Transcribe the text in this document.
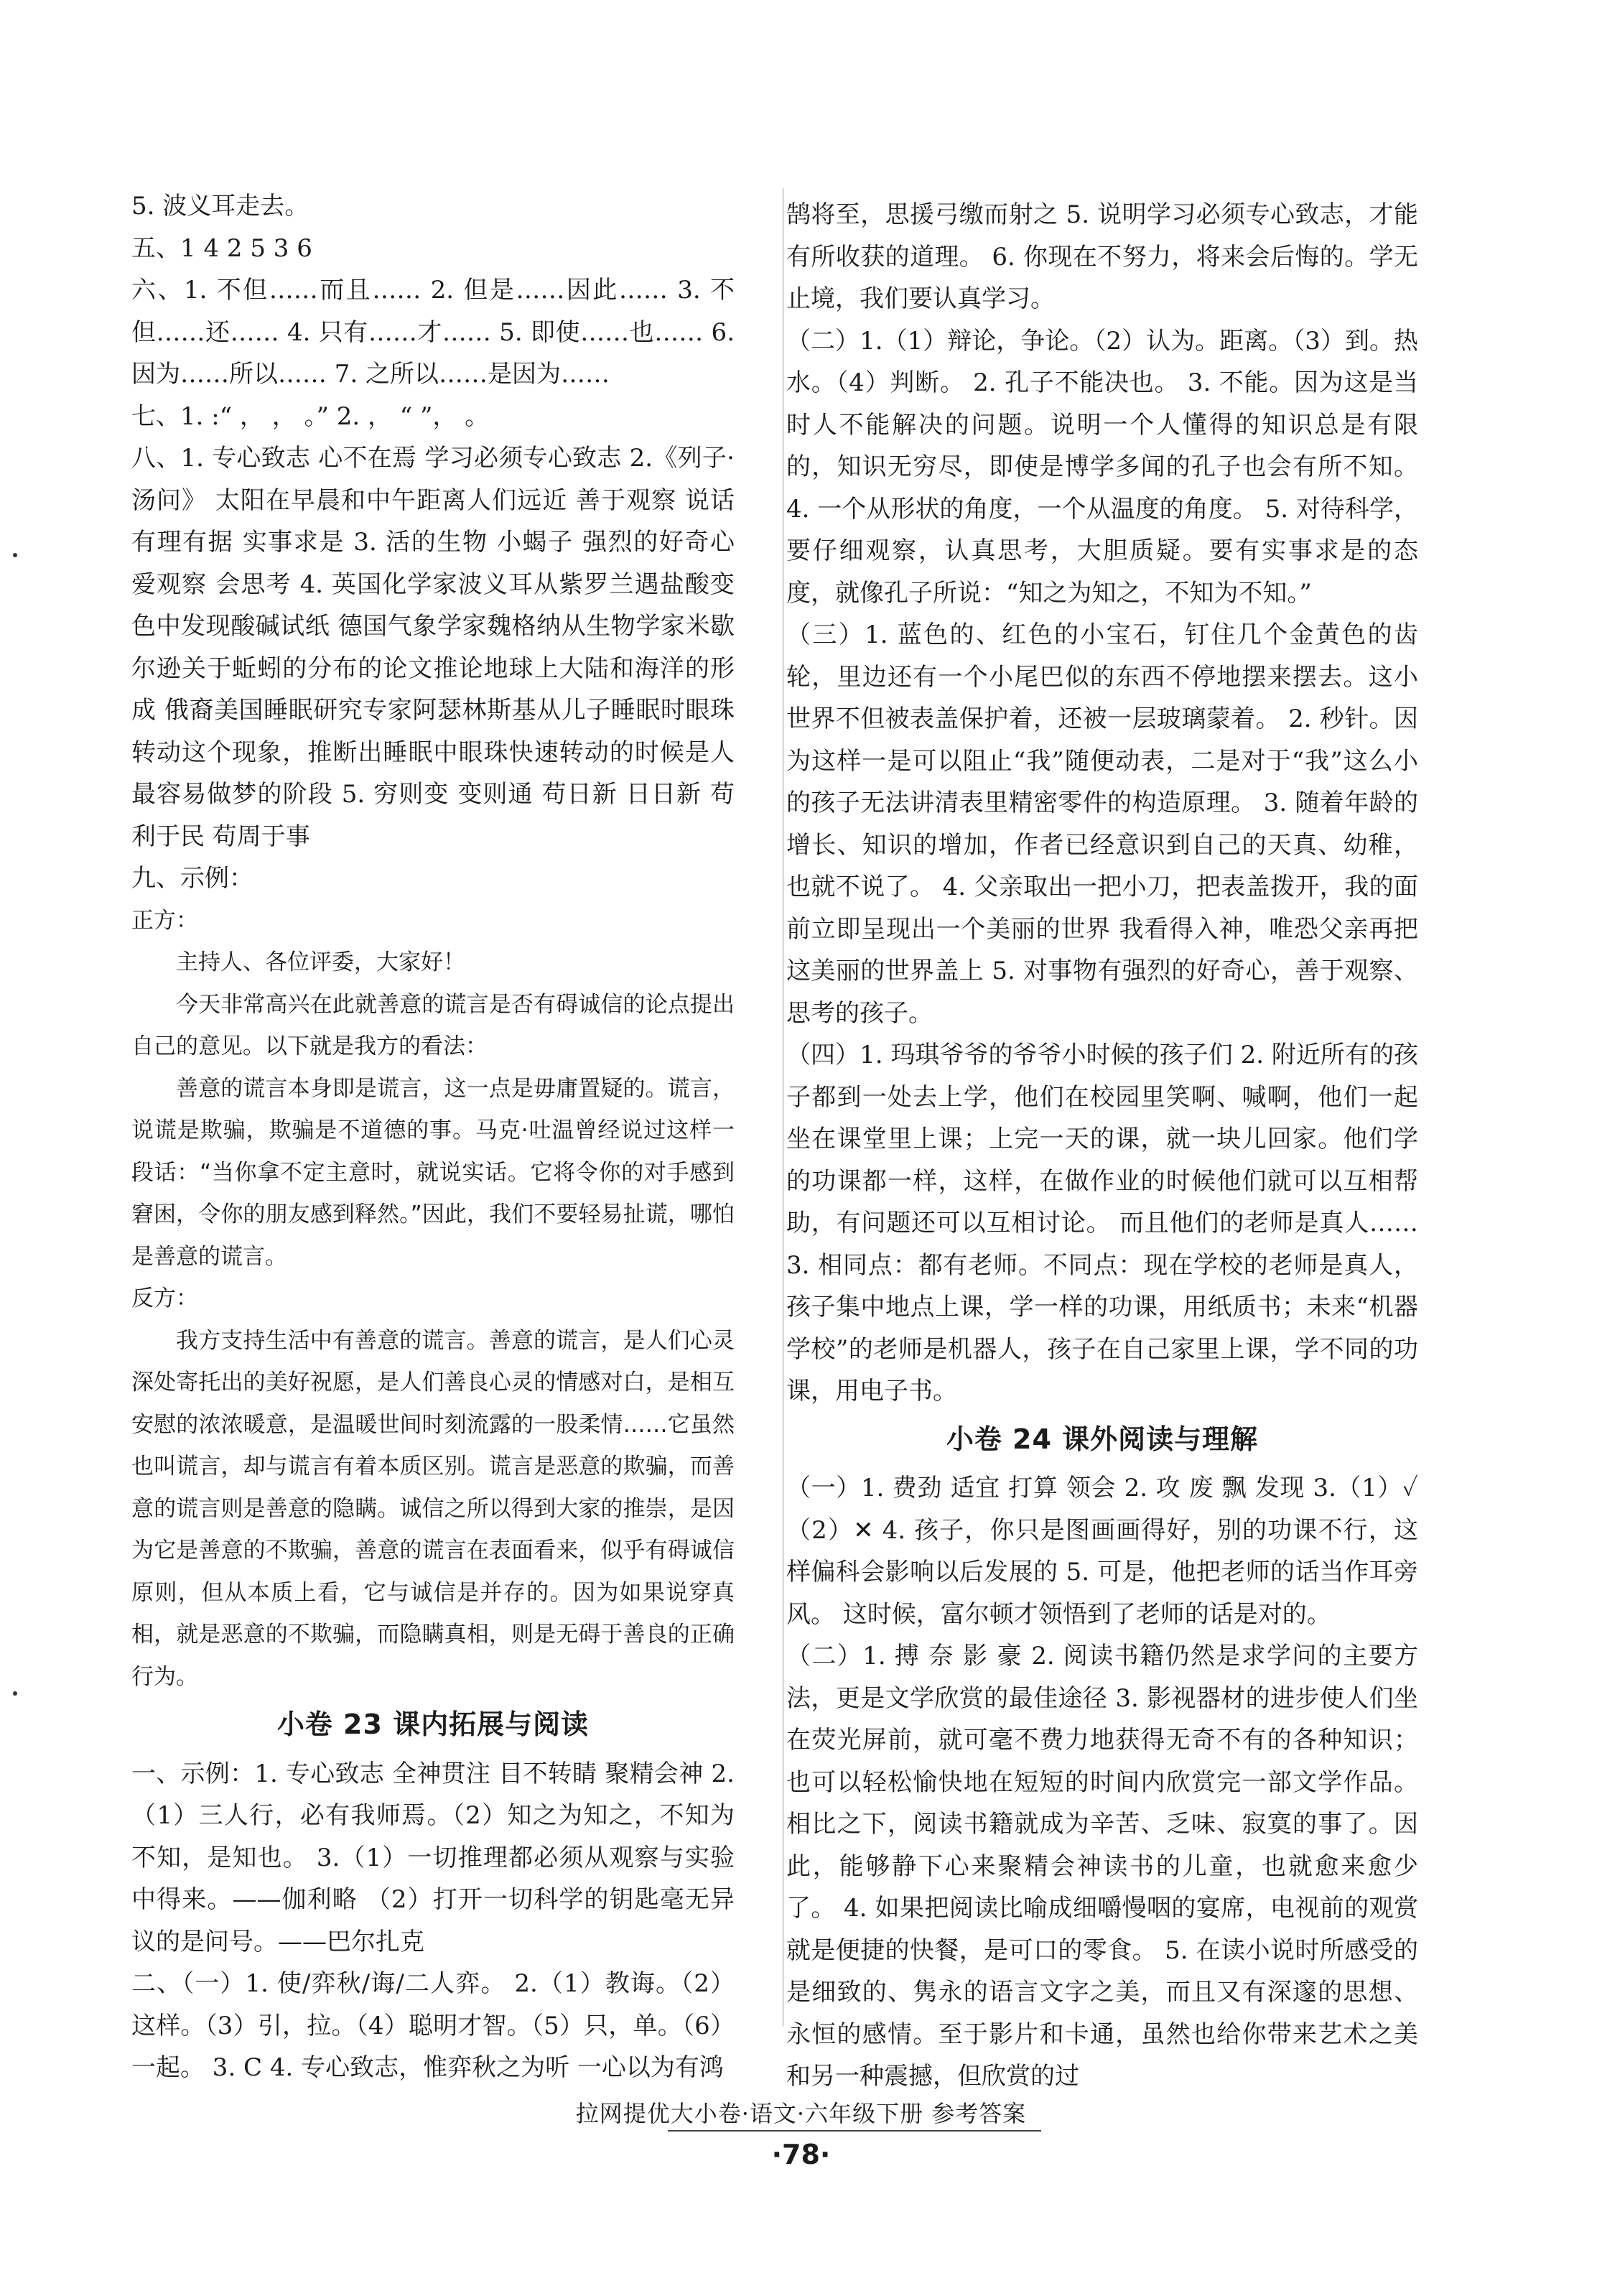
5. 波义耳走去。

五、1 4 2 5 3 6

六、1. 不但……而且…… 2. 但是……因此…… 3. 不但……还…… 4. 只有……才…… 5. 即使……也…… 6. 因为……所以…… 7. 之所以……是因为……

七、1. :“ ， ， 。” 2. ， “ ”， 。

八、1. 专心致志 心不在焉 学习必须专心致志 2.《列子·汤问》 太阳在早晨和中午距离人们远近 善于观察 说话有理有据 实事求是 3. 活的生物 小蝎子 强烈的好奇心 爱观察 会思考 4. 英国化学家波义耳从紫罗兰遇盐酸变色中发现酸碱试纸 德国气象学家魏格纳从生物学家米歇尔逊关于蚯蚓的分布的论文推论地球上大陆和海洋的形成 俄裔美国睡眠研究专家阿瑟林斯基从儿子睡眠时眼珠转动这个现象，推断出睡眠中眼珠快速转动的时候是人最容易做梦的阶段 5. 穷则变 变则通 苟日新 日日新 苟利于民 苟周于事

九、示例：

正方：

主持人、各位评委，大家好！

今天非常高兴在此就善意的谎言是否有碍诚信的论点提出自己的意见。以下就是我方的看法：

善意的谎言本身即是谎言，这一点是毋庸置疑的。谎言，说谎是欺骗，欺骗是不道德的事。马克·吐温曾经说过这样一段话：“当你拿不定主意时，就说实话。它将令你的对手感到窘困，令你的朋友感到释然。”因此，我们不要轻易扯谎，哪怕是善意的谎言。

反方：

我方支持生活中有善意的谎言。善意的谎言，是人们心灵深处寄托出的美好祝愿，是人们善良心灵的情感对白，是相互安慰的浓浓暖意，是温暖世间时刻流露的一股柔情……它虽然也叫谎言，却与谎言有着本质区别。谎言是恶意的欺骗，而善意的谎言则是善意的隐瞒。诚信之所以得到大家的推崇，是因为它是善意的不欺骗，善意的谎言在表面看来，似乎有碍诚信原则，但从本质上看，它与诚信是并存的。因为如果说穿真相，就是恶意的不欺骗，而隐瞒真相，则是无碍于善良的正确行为。

小卷 23 课内拓展与阅读

一、示例：1. 专心致志 全神贯注 目不转睛 聚精会神 2.（1）三人行，必有我师焉。（2）知之为知之，不知为不知，是知也。 3.（1）一切推理都必须从观察与实验中得来。——伽利略 （2）打开一切科学的钥匙毫无异议的是问号。——巴尔扎克

二、（一）1. 使/弈秋/诲/二人弈。 2.（1）教诲。（2）这样。（3）引，拉。（4）聪明才智。（5）只，单。（6）一起。 3. C 4. 专心致志，惟弈秋之为听 一心以为有鸿

鹄将至，思援弓缴而射之 5. 说明学习必须专心致志，才能有所收获的道理。 6. 你现在不努力，将来会后悔的。学无止境，我们要认真学习。

（二）1.（1）辩论，争论。（2）认为。距离。（3）到。热水。（4）判断。 2. 孔子不能决也。 3. 不能。因为这是当时人不能解决的问题。说明一个人懂得的知识总是有限的，知识无穷尽，即使是博学多闻的孔子也会有所不知。 4. 一个从形状的角度，一个从温度的角度。 5. 对待科学，要仔细观察，认真思考，大胆质疑。要有实事求是的态度，就像孔子所说：“知之为知之，不知为不知。”

（三）1. 蓝色的、红色的小宝石，钉住几个金黄色的齿轮，里边还有一个小尾巴似的东西不停地摆来摆去。这小世界不但被表盖保护着，还被一层玻璃蒙着。 2. 秒针。因为这样一是可以阻止“我”随便动表，二是对于“我”这么小的孩子无法讲清表里精密零件的构造原理。 3. 随着年龄的增长、知识的增加，作者已经意识到自己的天真、幼稚，也就不说了。 4. 父亲取出一把小刀，把表盖拨开，我的面前立即呈现出一个美丽的世界 我看得入神，唯恐父亲再把这美丽的世界盖上 5. 对事物有强烈的好奇心，善于观察、思考的孩子。

（四）1. 玛琪爷爷的爷爷小时候的孩子们 2. 附近所有的孩子都到一处去上学，他们在校园里笑啊、喊啊，他们一起坐在课堂里上课；上完一天的课，就一块儿回家。他们学的功课都一样，这样，在做作业的时候他们就可以互相帮助，有问题还可以互相讨论。 而且他们的老师是真人…… 3. 相同点：都有老师。不同点：现在学校的老师是真人，孩子集中地点上课，学一样的功课，用纸质书；未来“机器学校”的老师是机器人，孩子在自己家里上课，学不同的功课，用电子书。

小卷 24 课外阅读与理解

（一）1. 费劲 适宜 打算 领会 2. 攻 废 飘 发现 3.（1）✓ （2）✕ 4. 孩子，你只是图画画得好，别的功课不行，这样偏科会影响以后发展的 5. 可是，他把老师的话当作耳旁风。 这时候，富尔顿才领悟到了老师的话是对的。

（二）1. 搏 奈 影 豪 2. 阅读书籍仍然是求学问的主要方法，更是文学欣赏的最佳途径 3. 影视器材的进步使人们坐在荧光屏前，就可毫不费力地获得无奇不有的各种知识；也可以轻松愉快地在短短的时间内欣赏完一部文学作品。相比之下，阅读书籍就成为辛苦、乏味、寂寞的事了。因此，能够静下心来聚精会神读书的儿童，也就愈来愈少了。 4. 如果把阅读比喻成细嚼慢咽的宴席，电视前的观赏就是便捷的快餐，是可口的零食。 5. 在读小说时所感受的是细致的、隽永的语言文字之美，而且又有深邃的思想、永恒的感情。至于影片和卡通，虽然也给你带来艺术之美和另一种震撼，但欣赏的过

拉网提优大小卷·语文·六年级下册 参考答案
·78·
